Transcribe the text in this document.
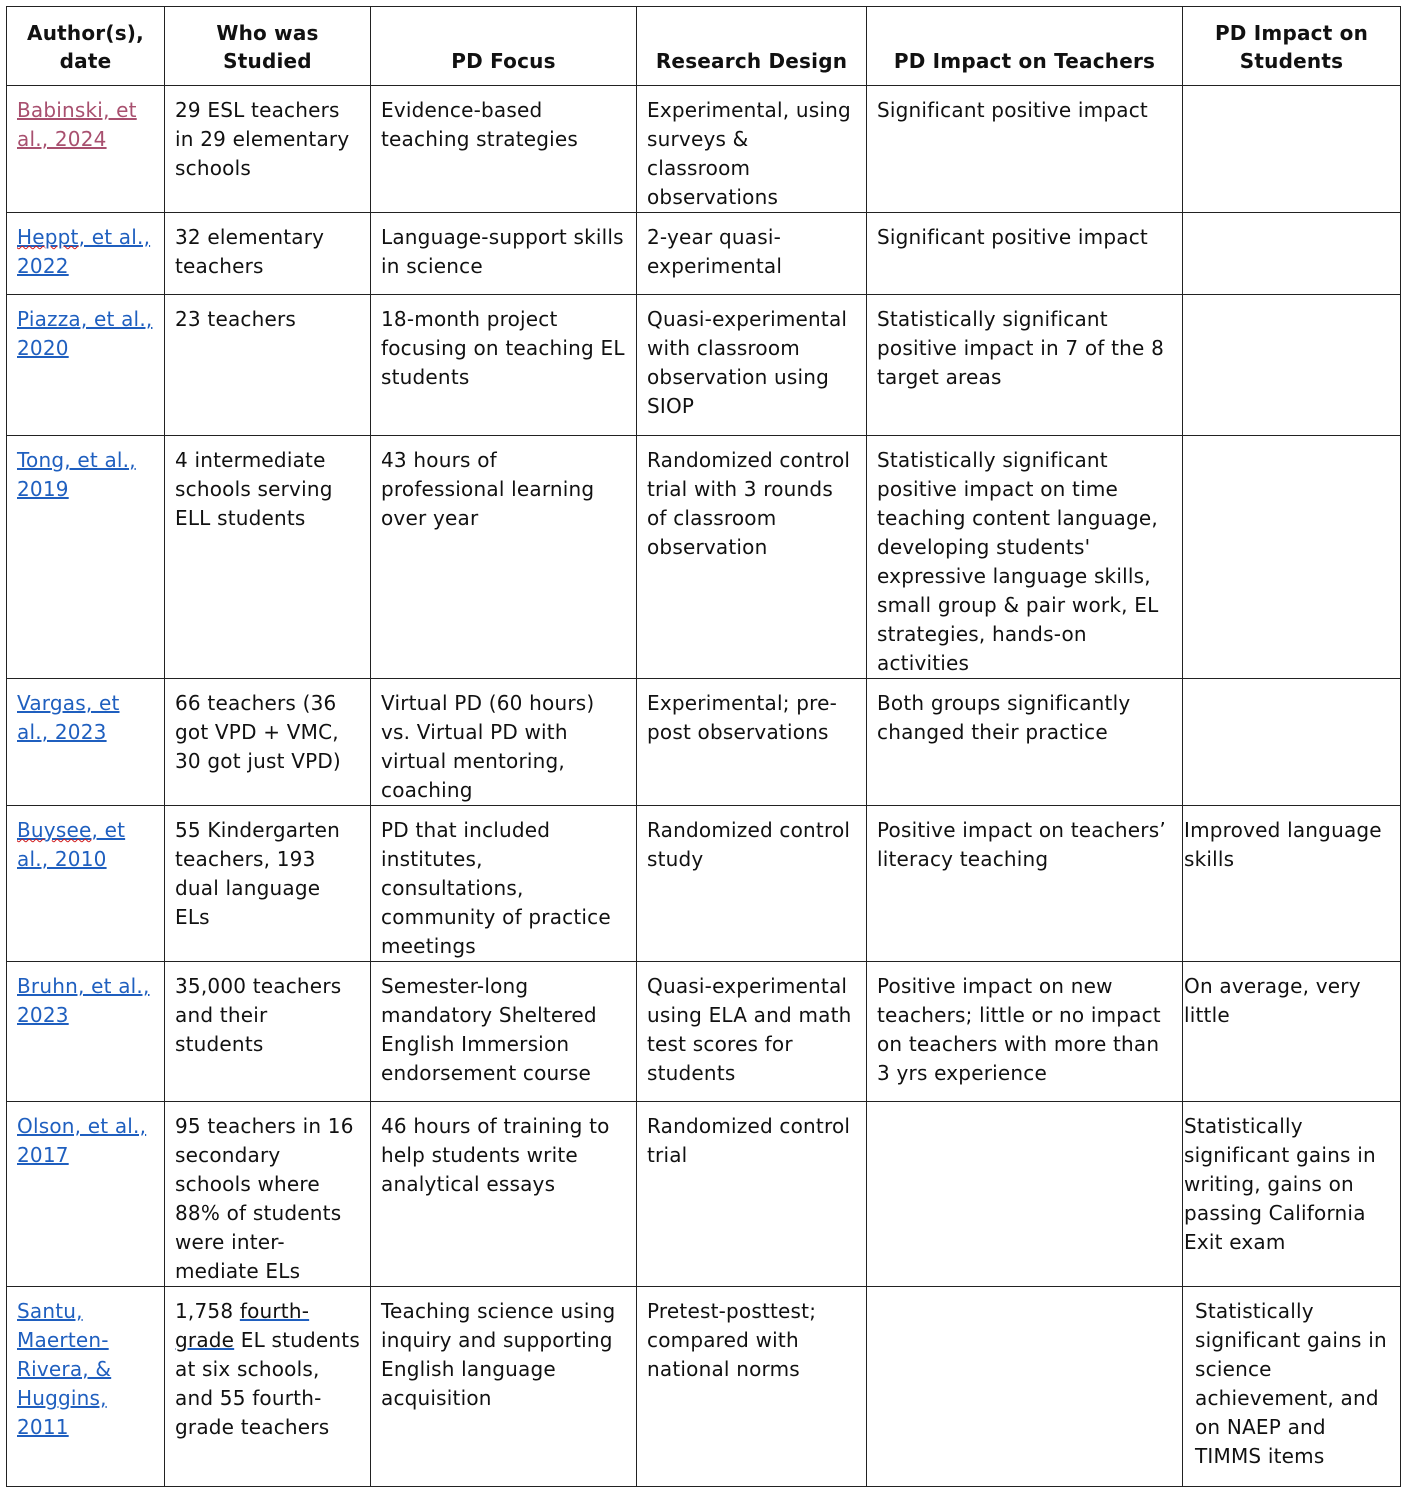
Author(s),
date	Who was Studied	PD Focus	Research Design	PD Impact on Teachers	PD Impact on
Students
Babinski, et al., 2024	29 ESL teachers in 29 elementary schools	Evidence-based teaching strategies	Experimental, using surveys & classroom observations	Significant positive impact	
Heppt, et al., 2022	32 elementary teachers	Language-support skills in science	2-year quasi-experimental	Significant positive impact	
Piazza, et al., 2020	23 teachers	18-month project focusing on teaching EL students	Quasi-experimental with classroom observation using SIOP	Statistically significant positive impact in 7 of the 8 target areas	
Tong, et al., 2019	4 intermediate schools serving ELL students	43 hours of professional learning over year	Randomized control trial with 3 rounds of classroom observation	Statistically significant positive impact on time teaching content language, developing students' expressive language skills, small group & pair work, EL strategies, hands-on activities	
Vargas, et al., 2023	66 teachers (36 got VPD + VMC, 30 got just VPD)	Virtual PD (60 hours) vs. Virtual PD with virtual mentoring, coaching	Experimental; pre-post observations	Both groups significantly changed their practice	
Buysee, et al., 2010	55 Kindergarten teachers, 193 dual language ELs	PD that included institutes, consultations, community of practice meetings	Randomized control study	Positive impact on teachers’ literacy teaching	Improved language skills
Bruhn, et al., 2023	35,000 teachers and their students	Semester-long mandatory Sheltered English Immersion endorsement course	Quasi-experimental using ELA and math test scores for students	Positive impact on new teachers; little or no impact on teachers with more than 3 yrs experience	On average, very little
Olson, et al., 2017	95 teachers in 16 secondary schools where 88% of students were inter-mediate ELs	46 hours of training to help students write analytical essays	Randomized control trial		Statistically significant gains in writing, gains on passing California Exit exam
Santu, Maerten-Rivera, & Huggins, 2011	1,758 fourth-grade EL students at six schools, and 55 fourth-grade teachers	Teaching science using inquiry and supporting English language acquisition	Pretest-posttest; compared with national norms		Statistically significant gains in science achievement, and on NAEP and TIMMS items
